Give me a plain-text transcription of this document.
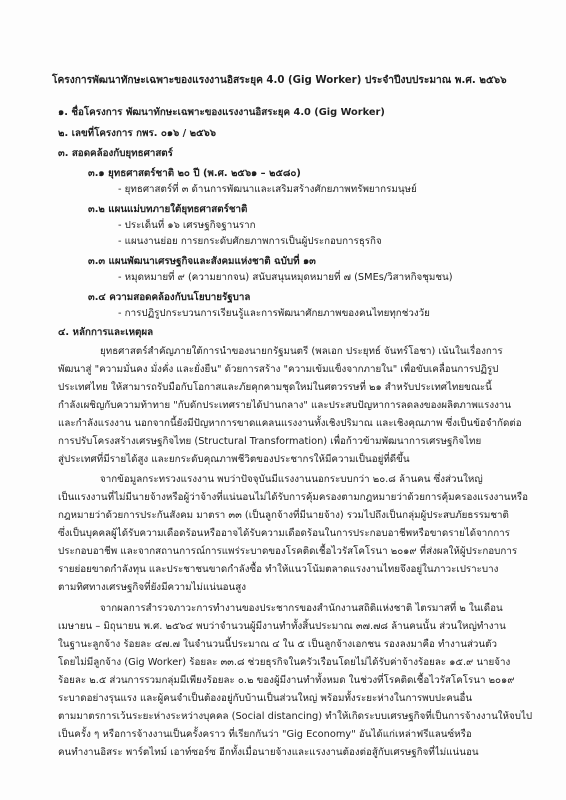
โครงการพัฒนาทักษะเฉพาะของแรงงานอิสระยุค 4.0 (Gig Worker) ประจำปีงบประมาณ พ.ศ. ๒๕๖๖
๑. ชื่อโครงการ พัฒนาทักษะเฉพาะของแรงงานอิสระยุค 4.0 (Gig Worker)
๒. เลขที่โครงการ กพร. ๐๑๖ / ๒๕๖๖
๓. สอดคล้องกับยุทธศาสตร์
๓.๑ ยุทธศาสตร์ชาติ ๒๐ ปี (พ.ศ. ๒๕๖๑ – ๒๕๘๐)
- ยุทธศาสตร์ที่ ๓ ด้านการพัฒนาและเสริมสร้างศักยภาพทรัพยากรมนุษย์
๓.๒ แผนแม่บทภายใต้ยุทธศาสตร์ชาติ
- ประเด็นที่ ๑๖ เศรษฐกิจฐานราก
- แผนงานย่อย การยกระดับศักยภาพการเป็นผู้ประกอบการธุรกิจ
๓.๓ แผนพัฒนาเศรษฐกิจและสังคมแห่งชาติ ฉบับที่ ๑๓
- หมุดหมายที่ ๙ (ความยากจน) สนับสนุนหมุดหมายที่ ๗ (SMEs/วิสาหกิจชุมชน)
๓.๔ ความสอดคล้องกับนโยบายรัฐบาล
- การปฏิรูปกระบวนการเรียนรู้และการพัฒนาศักยภาพของคนไทยทุกช่วงวัย
๔. หลักการและเหตุผล
ยุทธศาสตร์สำคัญภายใต้การนำของนายกรัฐมนตรี (พลเอก ประยุทธ์ จันทร์โอชา) เน้นในเรื่องการ
พัฒนาสู่ "ความมั่นคง มั่งคั่ง และยั่งยืน" ด้วยการสร้าง "ความเข้มแข็งจากภายใน" เพื่อขับเคลื่อนการปฏิรูป
ประเทศไทย ให้สามารถรับมือกับโอกาสและภัยคุกคามชุดใหม่ในศตวรรษที่ ๒๑ สำหรับประเทศไทยขณะนี้
กำลังเผชิญกับความท้าทาย "กับดักประเทศรายได้ปานกลาง" และประสบปัญหาการลดลงของผลิตภาพแรงงาน
และกำลังแรงงาน นอกจากนี้ยังมีปัญหาการขาดแคลนแรงงานทั้งเชิงปริมาณ และเชิงคุณภาพ ซึ่งเป็นข้อจำกัดต่อ
การปรับโครงสร้างเศรษฐกิจไทย (Structural Transformation) เพื่อก้าวข้ามพัฒนาการเศรษฐกิจไทย
สู่ประเทศที่มีรายได้สูง และยกระดับคุณภาพชีวิตของประชากรให้มีความเป็นอยู่ที่ดีขึ้น
จากข้อมูลกระทรวงแรงงาน พบว่าปัจจุบันมีแรงงานนอกระบบกว่า ๒๐.๘ ล้านคน ซึ่งส่วนใหญ่
เป็นแรงงานที่ไม่มีนายจ้างหรือผู้ว่าจ้างที่แน่นอนไม่ได้รับการคุ้มครองตามกฎหมายว่าด้วยการคุ้มครองแรงงานหรือ
กฎหมายว่าด้วยการประกันสังคม มาตรา ๓๓ (เป็นลูกจ้างที่มีนายจ้าง) รวมไปถึงเป็นกลุ่มผู้ประสบภัยธรรมชาติ
ซึ่งเป็นบุคคลผู้ได้รับความเดือดร้อนหรืออาจได้รับความเดือดร้อนในการประกอบอาชีพหรือขาดรายได้จากการ
ประกอบอาชีพ และจากสถานการณ์การแพร่ระบาดของโรคติดเชื้อไวรัสโคโรนา ๒๐๑๙ ที่ส่งผลให้ผู้ประกอบการ
รายย่อยขาดกำลังทุน และประชาชนขาดกำลังซื้อ ทำให้แนวโน้มตลาดแรงงานไทยจึงอยู่ในภาวะเปราะบาง
ตามทิศทางเศรษฐกิจที่ยังมีความไม่แน่นอนสูง
จากผลการสำรวจภาวะการทำงานของประชากรของสำนักงานสถิติแห่งชาติ ไตรมาสที่ ๒ ในเดือน
เมษายน – มิถุนายน พ.ศ. ๒๕๖๔ พบว่าจำนวนผู้มีงานทำทั้งสิ้นประมาณ ๓๗.๗๘ ล้านคนนั้น ส่วนใหญ่ทำงาน
ในฐานะลูกจ้าง ร้อยละ ๔๗.๗ ในจำนวนนี้ประมาณ ๔ ใน ๕ เป็นลูกจ้างเอกชน รองลงมาคือ ทำงานส่วนตัว
โดยไม่มีลูกจ้าง (Gig Worker) ร้อยละ ๓๓.๘ ช่วยธุรกิจในครัวเรือนโดยไม่ได้รับค่าจ้างร้อยละ ๑๕.๙ นายจ้าง
ร้อยละ ๒.๕ ส่วนการรวมกลุ่มมีเพียงร้อยละ ๐.๒ ของผู้มีงานทำทั้งหมด ในช่วงที่โรคติดเชื้อไวรัสโคโรนา ๒๐๑๙
ระบาดอย่างรุนแรง และผู้คนจำเป็นต้องอยู่กับบ้านเป็นส่วนใหญ่ พร้อมทั้งระยะห่างในการพบปะคนอื่น
ตามมาตรการเว้นระยะห่างระหว่างบุคคล (Social distancing) ทำให้เกิดระบบเศรษฐกิจที่เป็นการจ้างงานให้จบไป
เป็นครั้ง ๆ หรือการจ้างงานเป็นครั้งคราว ที่เรียกกันว่า "Gig Economy" อันได้แก่เหล่าฟรีแลนซ์หรือ
คนทำงานอิสระ พาร์ตไทม์ เอาท์ซอร์ซ อีกทั้งเมื่อนายจ้างและแรงงานต้องต่อสู้กับเศรษฐกิจที่ไม่แน่นอน
